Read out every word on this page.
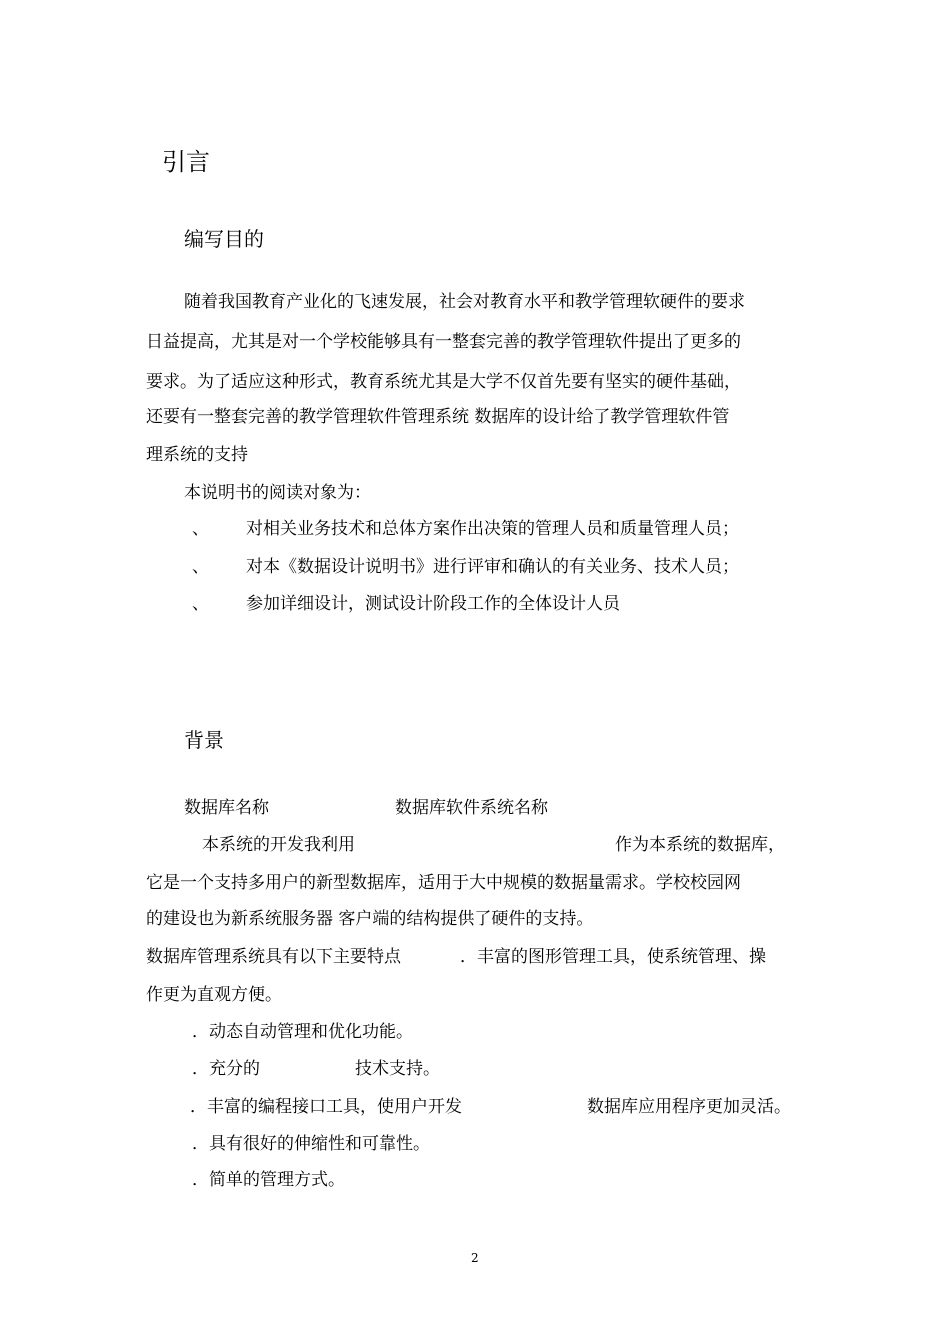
引言
编写目的
随着我国教育产业化的飞速发展，社会对教育水平和教学管理软硬件的要求
日益提高，尤其是对一个学校能够具有一整套完善的教学管理软件提出了更多的
要求。为了适应这种形式，教育系统尤其是大学不仅首先要有坚实的硬件基础，
还要有一整套完善的教学管理软件管理系统 数据库的设计给了教学管理软件管
理系统的支持
本说明书的阅读对象为：
、 对相关业务技术和总体方案作出决策的管理人员和质量管理人员；
、 对本《数据设计说明书》进行评审和确认的有关业务、技术人员；
、 参加详细设计，测试设计阶段工作的全体设计人员
背景
数据库名称	数据库软件系统名称
本系统的开发我利用	作为本系统的数据库，
它是一个支持多用户的新型数据库，适用于大中规模的数据量需求。学校校园网
的建设也为新系统服务器 客户端的结构提供了硬件的支持。
数据库管理系统具有以下主要特点	．丰富的图形管理工具，使系统管理、操
作更为直观方便。
．动态自动管理和优化功能。
．充分的	技术支持。
．丰富的编程接口工具，使用户开发	数据库应用程序更加灵活。
．具有很好的伸缩性和可靠性。
．简单的管理方式。
2
